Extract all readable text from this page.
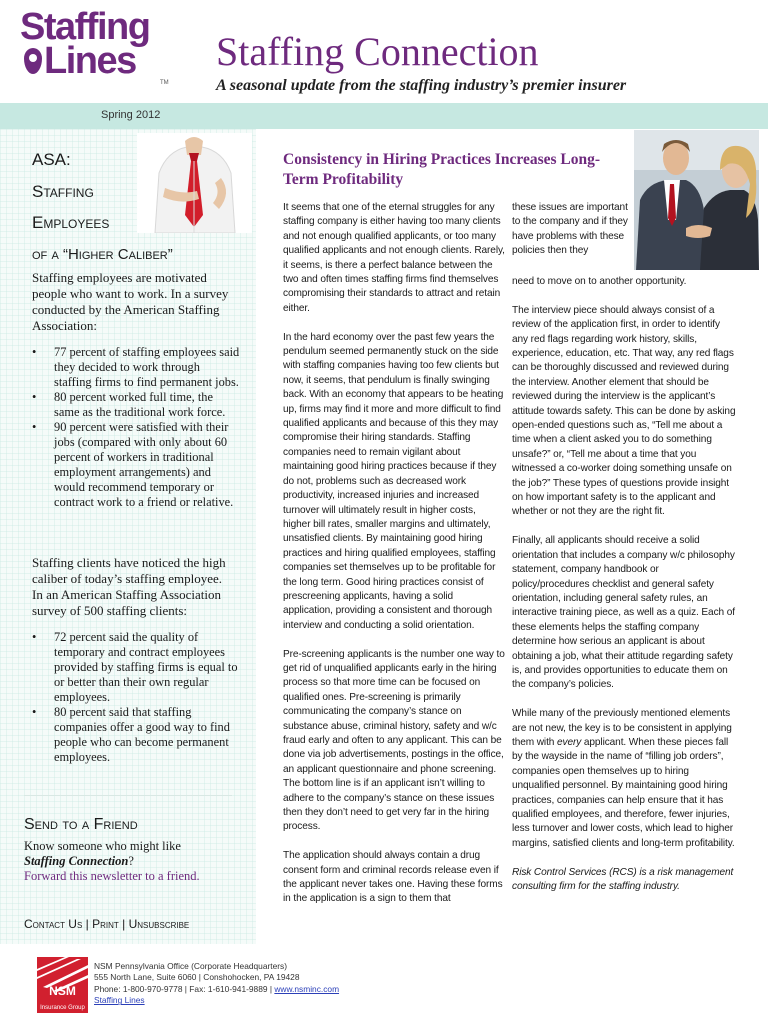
Staffing
Lines
TM
Staffing Connection
A seasonal update from the staffing industry’s premier insurer
Spring 2012
ASA:
Staffing
Employees
of a “Higher Caliber”
Staffing employees are motivated people who want to work. In a survey conducted by the American Staffing Association:
• 77 percent of staffing employees said they decided to work through staffing firms to find permanent jobs.
• 80 percent worked full time, the same as the traditional work force.
• 90 percent were satisfied with their jobs (compared with only about 60 percent of workers in traditional employment arrangements) and would recommend temporary or contract work to a friend or relative.
Staffing clients have noticed the high caliber of today’s staffing employee. In an American Staffing Association survey of 500 staffing clients:
• 72 percent said the quality of temporary and contract employees provided by staffing firms is equal to or better than their own regular employees.
• 80 percent said that staffing companies offer a good way to find people who can become permanent employees.
Send to a Friend
Know someone who might like
Staffing Connection?
Forward this newsletter to a friend.
Contact Us | Print | Unsubscribe
Consistency in Hiring Practices Increases Long-Term Profitability

It seems that one of the eternal struggles for any staffing company is either having too many clients and not enough qualified applicants, or too many qualified applicants and not enough clients. Rarely, it seems, is there a perfect balance between the two and often times staffing firms find themselves compromising their standards to attract and retain either.

In the hard economy over the past few years the pendulum seemed permanently stuck on the side with staffing companies having too few clients but now, it seems, that pendulum is finally swinging back. With an economy that appears to be heating up, firms may find it more and more difficult to find qualified applicants and because of this they may compromise their hiring standards. Staffing companies need to remain vigilant about maintaining good hiring practices because if they do not, problems such as decreased work productivity, increased injuries and increased turnover will ultimately result in higher costs, higher bill rates, smaller margins and ultimately, unsatisfied clients. By maintaining good hiring practices and hiring qualified employees, staffing companies set themselves up to be profitable for the long term. Good hiring practices consist of prescreening applicants, having a solid application, providing a consistent and thorough interview and conducting a solid orientation.

Pre-screening applicants is the number one way to get rid of unqualified applicants early in the hiring process so that more time can be focused on qualified ones. Pre-screening is primarily communicating the company’s stance on substance abuse, criminal history, safety and w/c fraud early and often to any applicant. This can be done via job advertisements, postings in the office, an applicant questionnaire and phone screening. The bottom line is if an applicant isn’t willing to adhere to the company’s stance on these issues then they don’t need to get very far in the hiring process.

The application should always contain a drug consent form and criminal records release even if the applicant never takes one. Having these forms in the application is a sign to them that

these issues are important to the company and if they have problems with these policies then they

need to move on to another opportunity.

The interview piece should always consist of a review of the application first, in order to identify any red flags regarding work history, skills, experience, education, etc. That way, any red flags can be thoroughly discussed and reviewed during the interview. Another element that should be reviewed during the interview is the applicant’s attitude towards safety. This can be done by asking open-ended questions such as, “Tell me about a time when a client asked you to do something unsafe?” or, “Tell me about a time that you witnessed a co-worker doing something unsafe on the job?” These types of questions provide insight on how important safety is to the applicant and whether or not they are the right fit.

Finally, all applicants should receive a solid orientation that includes a company w/c philosophy statement, company handbook or policy/procedures checklist and general safety orientation, including general safety rules, an interactive training piece, as well as a quiz. Each of these elements helps the staffing company determine how serious an applicant is about obtaining a job, what their attitude regarding safety is, and provides opportunities to educate them on the company’s policies.

While many of the previously mentioned elements are not new, the key is to be consistent in applying them with every applicant. When these pieces fall by the wayside in the name of “filling job orders”, companies open themselves up to hiring unqualified personnel. By maintaining good hiring practices, companies can help ensure that it has qualified employees, and therefore, fewer injuries, less turnover and lower costs, which lead to higher margins, satisfied clients and long-term profitability.

Risk Control Services (RCS) is a risk management consulting firm for the staffing industry.

NSM
Insurance Group
NSM Pennsylvania Office (Corporate Headquarters)
555 North Lane, Suite 6060 | Conshohocken, PA 19428
Phone: 1-800-970-9778 | Fax: 1-610-941-9889 | www.nsminc.com
Staffing Lines
